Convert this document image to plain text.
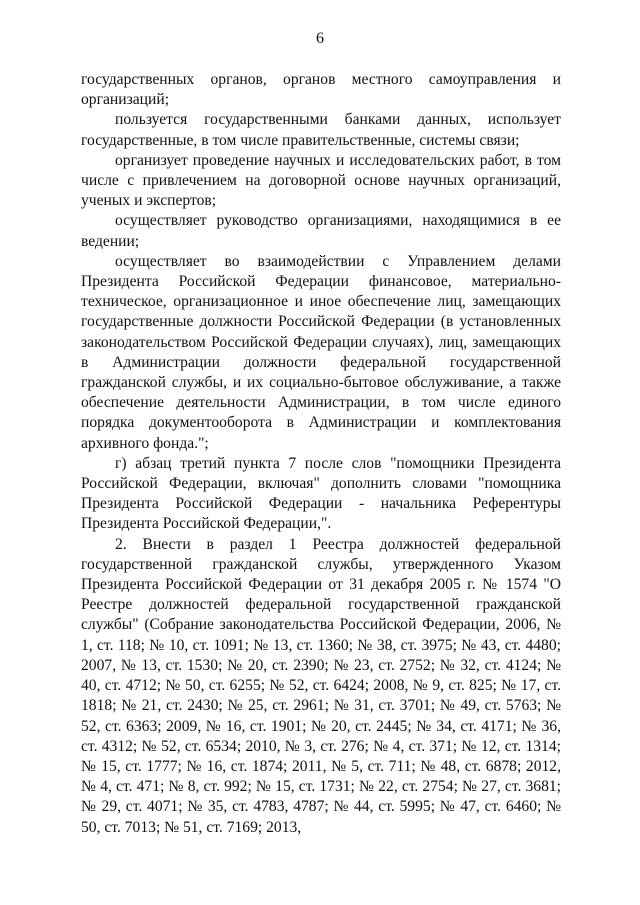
6

государственных органов, органов местного самоуправления и организаций;

пользуется государственными банками данных, использует государственные, в том числе правительственные, системы связи;

организует проведение научных и исследовательских работ, в том числе с привлечением на договорной основе научных организаций, ученых и экспертов;

осуществляет руководство организациями, находящимися в ее ведении;

осуществляет во взаимодействии с Управлением делами Президента Российской Федерации финансовое, материально-техническое, организационное и иное обеспечение лиц, замещающих государственные должности Российской Федерации (в установленных законодательством Российской Федерации случаях), лиц, замещающих в Администрации должности федеральной государственной гражданской службы, и их социально-бытовое обслуживание, а также обеспечение деятельности Администрации, в том числе единого порядка документооборота в Администрации и комплектования архивного фонда.";

г) абзац третий пункта 7 после слов "помощники Президента Российской Федерации, включая" дополнить словами "помощника Президента Российской Федерации - начальника Референтуры Президента Российской Федерации,".

2. Внести в раздел 1 Реестра должностей федеральной государственной гражданской службы, утвержденного Указом Президента Российской Федерации от 31 декабря 2005 г. № 1574 "О Реестре должностей федеральной государственной гражданской службы" (Собрание законодательства Российской Федерации, 2006, № 1, ст. 118; № 10, ст. 1091; № 13, ст. 1360; № 38, ст. 3975; № 43, ст. 4480; 2007, № 13, ст. 1530; № 20, ст. 2390; № 23, ст. 2752; № 32, ст. 4124; № 40, ст. 4712; № 50, ст. 6255; № 52, ст. 6424; 2008, № 9, ст. 825; № 17, ст. 1818; № 21, ст. 2430; № 25, ст. 2961; № 31, ст. 3701; № 49, ст. 5763; № 52, ст. 6363; 2009, № 16, ст. 1901; № 20, ст. 2445; № 34, ст. 4171; № 36, ст. 4312; № 52, ст. 6534; 2010, № 3, ст. 276; № 4, ст. 371; № 12, ст. 1314; № 15, ст. 1777; № 16, ст. 1874; 2011, № 5, ст. 711; № 48, ст. 6878; 2012, № 4, ст. 471; № 8, ст. 992; № 15, ст. 1731; № 22, ст. 2754; № 27, ст. 3681; № 29, ст. 4071; № 35, ст. 4783, 4787; № 44, ст. 5995; № 47, ст. 6460; № 50, ст. 7013; № 51, ст. 7169; 2013,
